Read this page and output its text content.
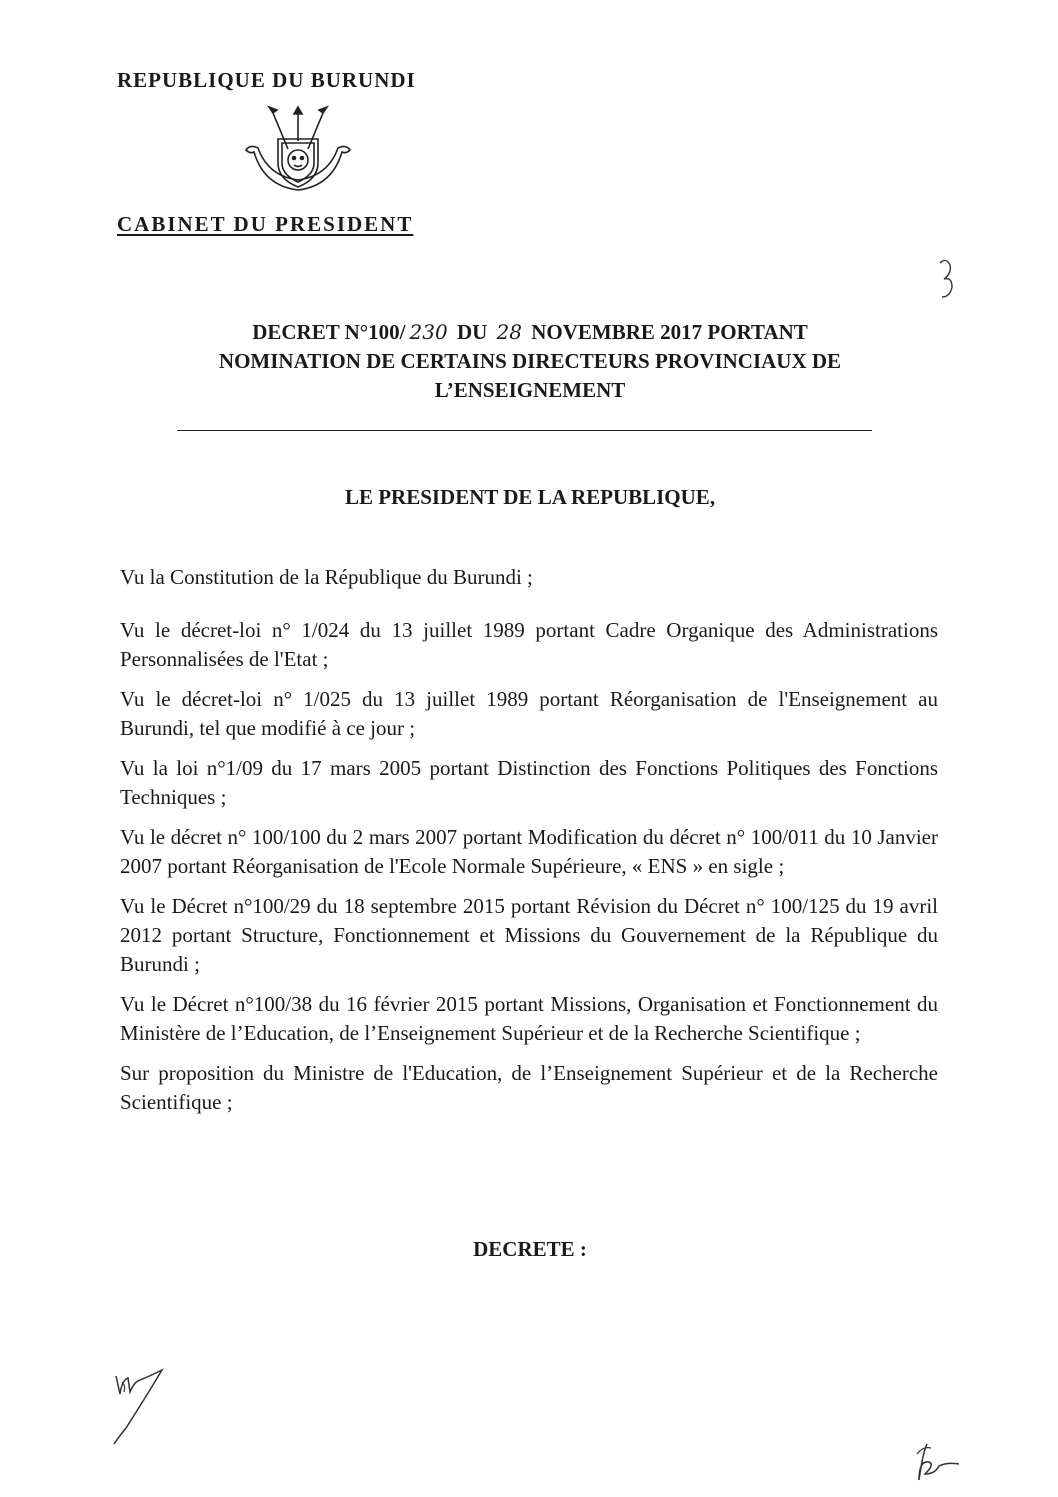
REPUBLIQUE DU BURUNDI
CABINET DU PRESIDENT
DECRET N°100/ 230 DU 28 NOVEMBRE 2017 PORTANT
NOMINATION DE CERTAINS DIRECTEURS PROVINCIAUX DE
L’ENSEIGNEMENT
LE PRESIDENT DE LA REPUBLIQUE,

Vu la Constitution de la République du Burundi ;

Vu le décret-loi n° 1/024 du 13 juillet 1989 portant Cadre Organique des Administrations Personnalisées de l'Etat ;

Vu le décret-loi n° 1/025 du 13 juillet 1989 portant Réorganisation de l'Enseignement au Burundi, tel que modifié à ce jour ;

Vu la loi n°1/09 du 17 mars 2005 portant Distinction des Fonctions Politiques des Fonctions Techniques ;

Vu le décret n° 100/100 du 2 mars 2007 portant Modification du décret n° 100/011 du 10 Janvier 2007 portant Réorganisation de l'Ecole Normale Supérieure, « ENS » en sigle ;

Vu le Décret n°100/29 du 18 septembre 2015 portant Révision du Décret n° 100/125 du 19 avril 2012 portant Structure, Fonctionnement et Missions du Gouvernement de la République du Burundi ;

Vu le Décret n°100/38 du 16 février 2015 portant Missions, Organisation et Fonctionnement du Ministère de l’Education, de l’Enseignement Supérieur et de la Recherche Scientifique ;

Sur proposition du Ministre de l'Education, de l’Enseignement Supérieur et de la Recherche Scientifique ;

DECRETE :
